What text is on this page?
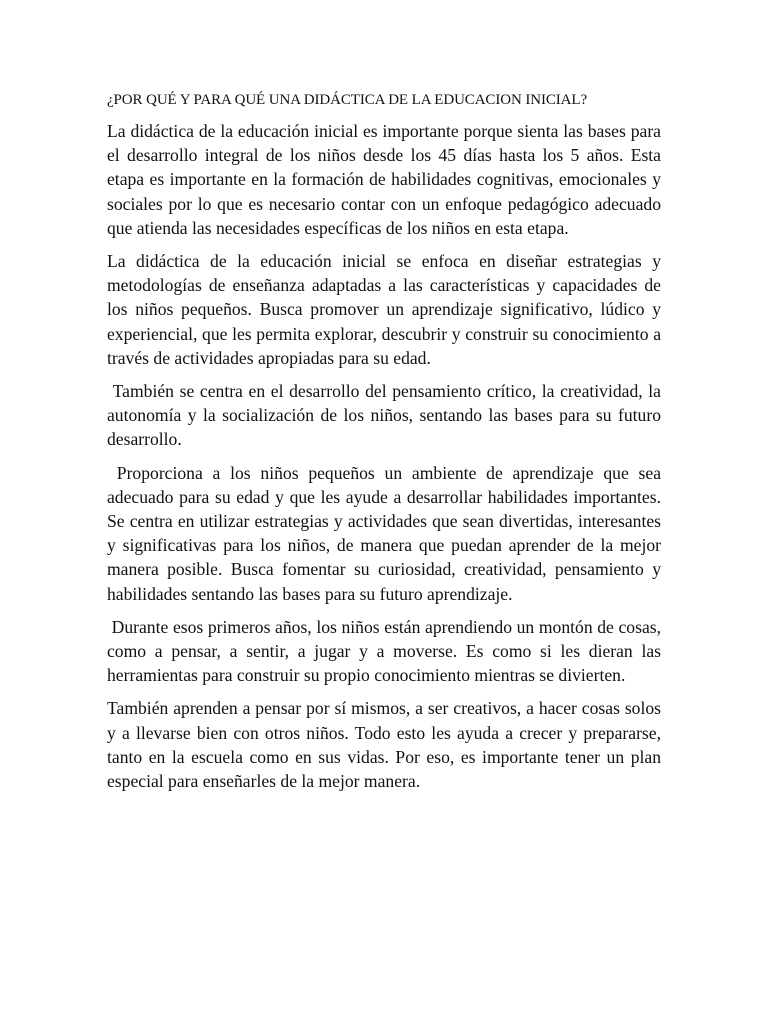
¿POR QUÉ Y PARA QUÉ UNA DIDÁCTICA DE LA EDUCACION INICIAL?

La didáctica de la educación inicial es importante porque sienta las bases para el desarrollo integral de los niños desde los 45 días hasta los 5 años. Esta etapa es importante en la formación de habilidades cognitivas, emocionales y sociales por lo que es necesario contar con un enfoque pedagógico adecuado que atienda las necesidades específicas de los niños en esta etapa.

La didáctica de la educación inicial se enfoca en diseñar estrategias y metodologías de enseñanza adaptadas a las características y capacidades de los niños pequeños. Busca promover un aprendizaje significativo, lúdico y experiencial, que les permita explorar, descubrir y construir su conocimiento a través de actividades apropiadas para su edad.

También se centra en el desarrollo del pensamiento crítico, la creatividad, la autonomía y la socialización de los niños, sentando las bases para su futuro desarrollo.

Proporciona a los niños pequeños un ambiente de aprendizaje que sea adecuado para su edad y que les ayude a desarrollar habilidades importantes. Se centra en utilizar estrategias y actividades que sean divertidas, interesantes y significativas para los niños, de manera que puedan aprender de la mejor manera posible. Busca fomentar su curiosidad, creatividad, pensamiento y habilidades sentando las bases para su futuro aprendizaje.

Durante esos primeros años, los niños están aprendiendo un montón de cosas, como a pensar, a sentir, a jugar y a moverse. Es como si les dieran las herramientas para construir su propio conocimiento mientras se divierten.

También aprenden a pensar por sí mismos, a ser creativos, a hacer cosas solos y a llevarse bien con otros niños. Todo esto les ayuda a crecer y prepararse, tanto en la escuela como en sus vidas. Por eso, es importante tener un plan especial para enseñarles de la mejor manera.
